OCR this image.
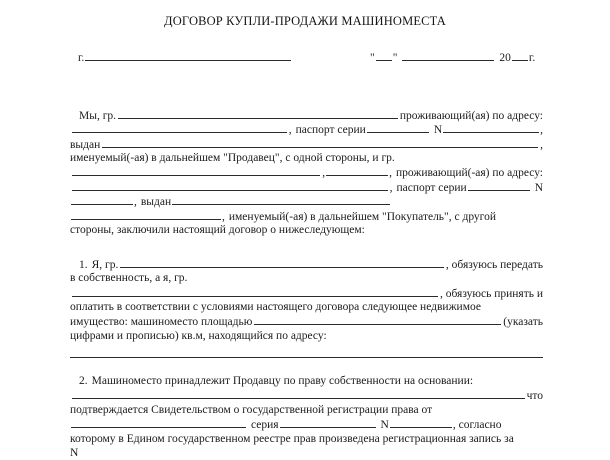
ДОГОВОР КУПЛИ-ПРОДАЖИ МАШИНОМЕСТА
г.	" "	20 г.
Мы, гр.	проживающий(ая) по адресу:
, паспорт серии	N	,
выдан	,

именуемый(-ая) в дальнейшем "Продавец", с одной стороны, и гр.

,	, проживающий(-ая) по адресу:
, паспорт серии	N
, выдан
, именуемый(-ая) в дальнейшем "Покупатель", с другой

стороны, заключили настоящий договор о нижеследующем:

1. Я, гр.	, обязуюсь передать

в собственность, а я, гр.

, обязуюсь принять и

оплатить в соответствии с условиями настоящего договора следующее недвижимое

имущество: машиноместо площадью	(указать

цифрами и прописью) кв.м, находящийся по адресу:

2. Машиноместо принадлежит Продавцу по праву собственности на основании:
что

подтверждается Свидетельством о государственной регистрации права от

серия	N	, согласно

которому в Едином государственном реестре прав произведена регистрационная запись за

N
